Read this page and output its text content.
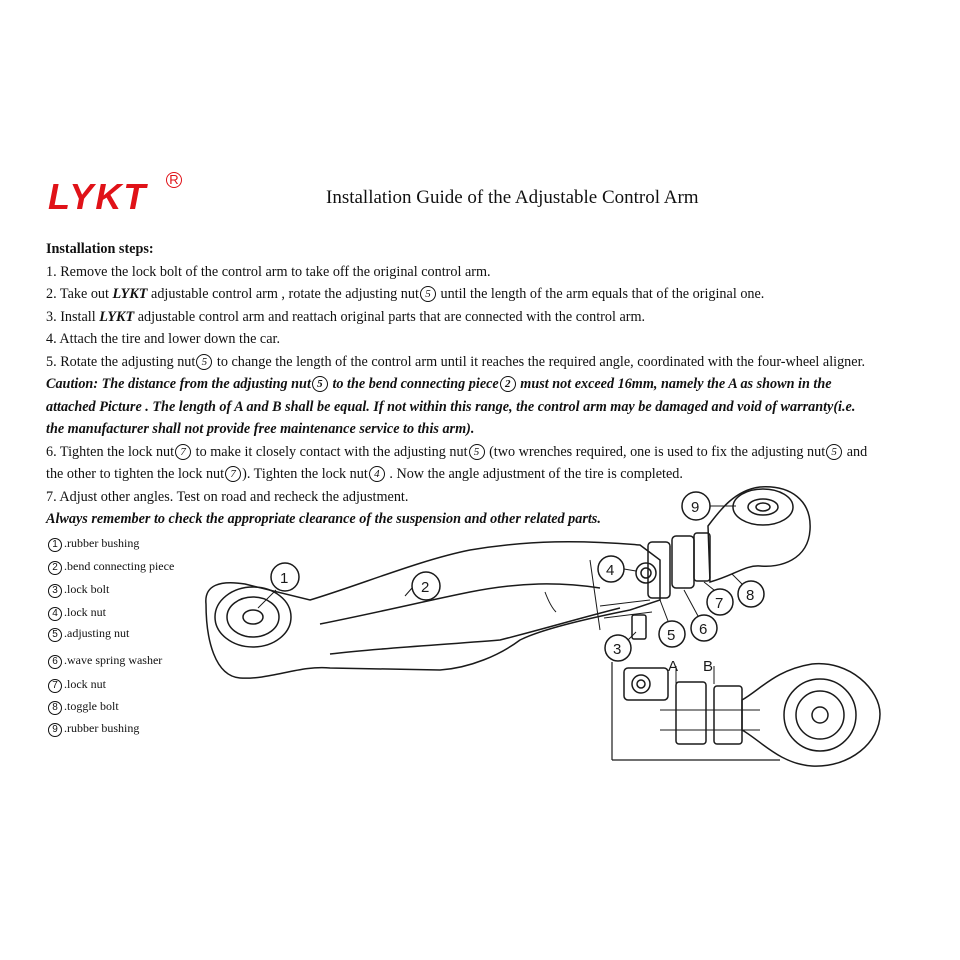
LYKT R
Installation Guide of the Adjustable Control Arm

Installation steps:

1. Remove the lock bolt of the control arm to take off the original control arm.

2. Take out LYKT adjustable control arm , rotate the adjusting nut 5 until the length of the arm equals that of the original one.

3. Install LYKT adjustable control arm and reattach original parts that are connected with the control arm.

4. Attach the tire and lower down the car.

5. Rotate the adjusting nut 5 to change the length of the control arm until it reaches the required angle, coordinated with the four-wheel aligner.

Caution: The distance from the adjusting nut 5 to the bend connecting piece 2 must not exceed 16mm, namely the A as shown in the

attached Picture . The length of A and B shall be equal. If not within this range, the control arm may be damaged and void of warranty(i.e.

the manufacturer shall not provide free maintenance service to this arm).

6. Tighten the lock nut 7 to make it closely contact with the adjusting nut 5 (two wrenches required, one is used to fix the adjusting nut 5 and

the other to tighten the lock nut 7 ). Tighten the lock nut 4 . Now the angle adjustment of the tire is completed.

7. Adjust other angles. Test on road and recheck the adjustment.

Always remember to check the appropriate clearance of the suspension and other related parts.

1 .rubber bushing
2 .bend connecting piece
3 .lock bolt
4 .lock nut
5 .adjusting nut
6 .wave spring washer
7 .lock nut
8 .toggle bolt
9 .rubber bushing
A B
1
2
3
4
5 6
7 8
9
